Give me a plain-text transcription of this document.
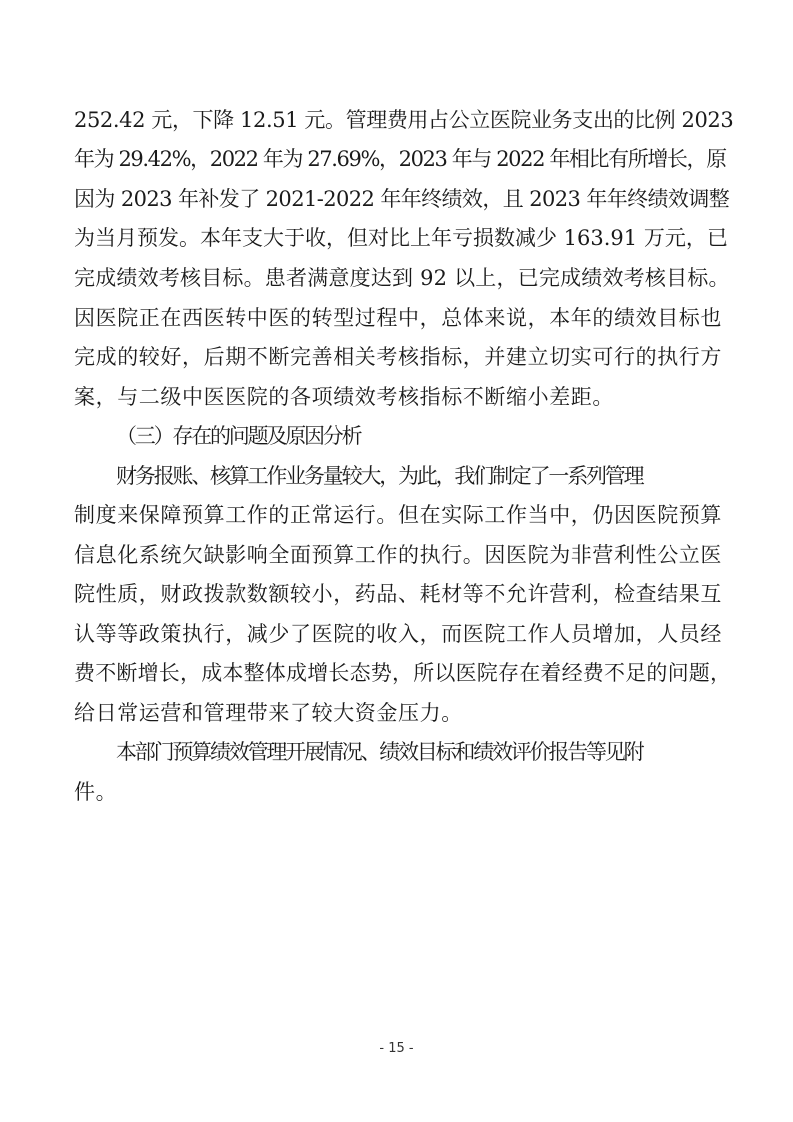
252.42 元，下降 12.51 元。管理费用占公立医院业务支出的比例 2023
年为 29.42%，2022 年为 27.69%，2023 年与 2022 年相比有所增长，原
因为 2023 年补发了 2021-2022 年年终绩效，且 2023 年年终绩效调整
为当月预发。本年支大于收，但对比上年亏损数减少 163.91 万元，已
完成绩效考核目标。患者满意度达到 92 以上，已完成绩效考核目标。
因医院正在西医转中医的转型过程中，总体来说，本年的绩效目标也
完成的较好，后期不断完善相关考核指标，并建立切实可行的执行方
案，与二级中医医院的各项绩效考核指标不断缩小差距。
（三）存在的问题及原因分析
财务报账、核算工作业务量较大，为此，我们制定了一系列管理
制度来保障预算工作的正常运行。但在实际工作当中，仍因医院预算
信息化系统欠缺影响全面预算工作的执行。因医院为非营利性公立医
院性质，财政拨款数额较小，药品、耗材等不允许营利，检查结果互
认等等政策执行，减少了医院的收入，而医院工作人员增加，人员经
费不断增长，成本整体成增长态势，所以医院存在着经费不足的问题，
给日常运营和管理带来了较大资金压力。
本部门预算绩效管理开展情况、绩效目标和绩效评价报告等见附
件。
- 15 -
